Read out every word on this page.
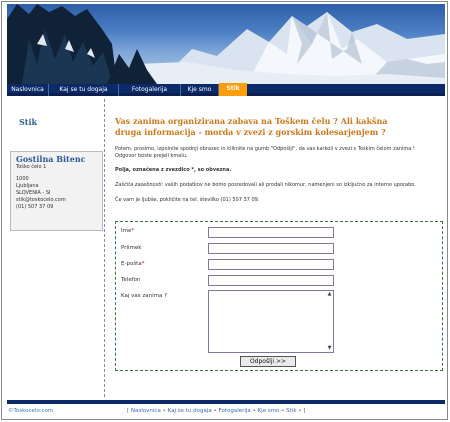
Naslovnica	Kaj se tu dogaja	Fotogalerija	Kje smo	Stik
Stik
Gostilna Bitenc
Toško čelo 1
1000
Ljubljana
SLOVENIA - SI
stik@toskocelo.com
(01) 507 37 09
Vas zanima organizirana zabava na Toškem čelu ? Ali kakšna druga informacija - morda v zvezi z gorskim kolesarjenjem ?
Potem, prosimo, izpolnite spodnji obrazec in kliknite na gumb "Odpošlji", da vas karkoli v zvezi s Toškim čelom zanima ! Odgovor boste prejeli kmalu.
Polja, označena z zvezdico *, so obvezna.
Zaščita zasebnosti: vaših podatkov ne bomo posredovali ali prodali nikomur, namenjeni so izključno za interno uporabo.
Če vam je ljubše, pokličite na tel. številko (01) 507 37 09.
Ime*
Priimek
E-pošta*
Telefon
Kaj vas zanima ?	▲
▼
Odpošlji >>
©Toskocelo.com	[ Naslovnica • Kaj se tu dogaja • Fotogalerija • Kje smo • Stik • ]
